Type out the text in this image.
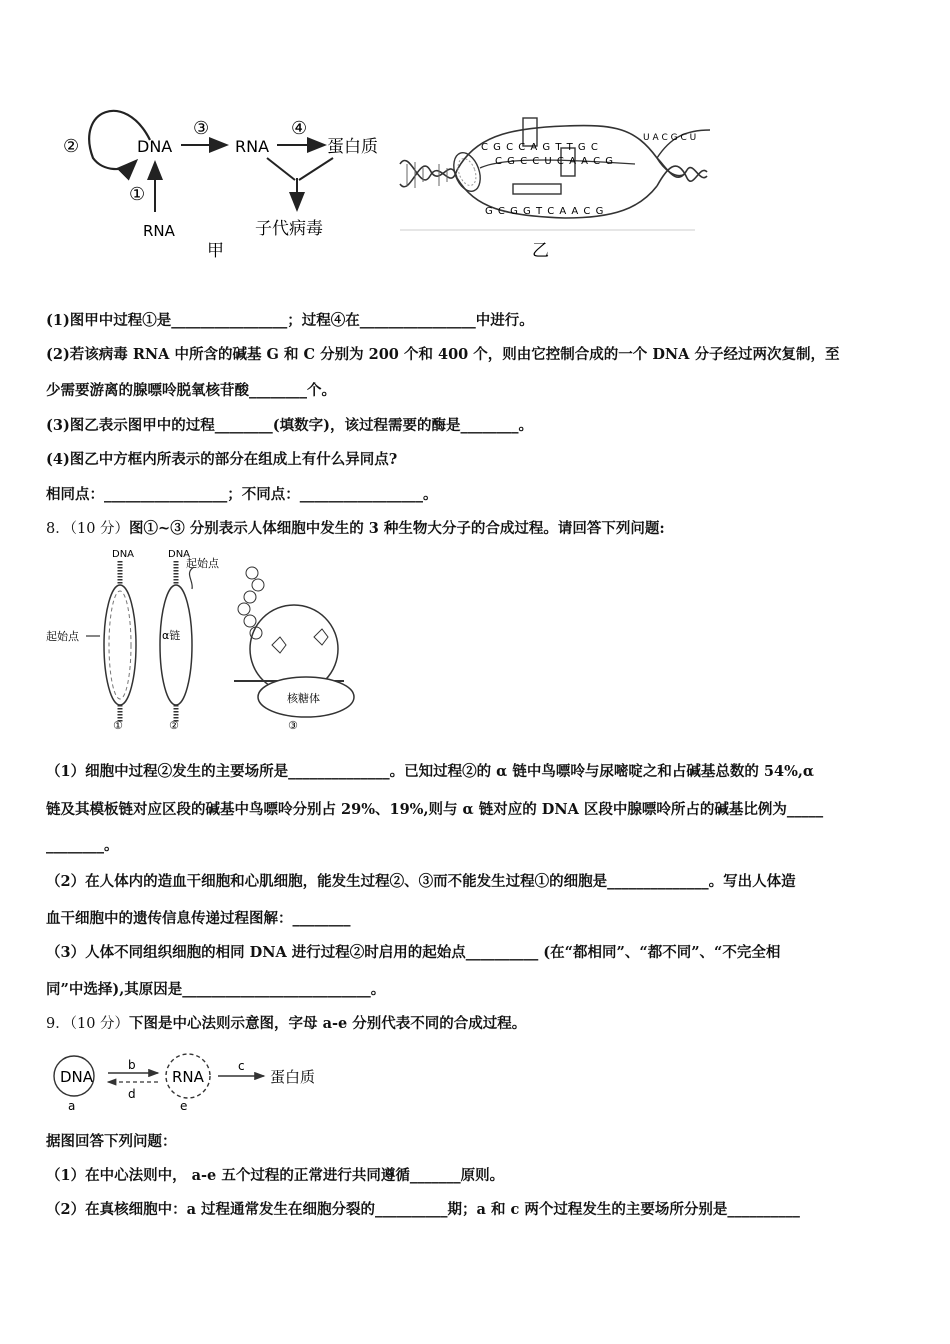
②	DNA
③
RNA
④
蛋白质
子代病毒
①
RNA
甲
C G C C A G T T G C
C G C C U C A A C G
G C G G T C A A C G
U A C G C U
乙
(1)图甲中过程①是________________；过程④在________________中进行。
(2)若该病毒 RNA 中所含的碱基 G 和 C 分别为 200 个和 400 个，则由它控制合成的一个 DNA 分子经过两次复制，至
少需要游离的腺嘌呤脱氧核苷酸________个。
(3)图乙表示图甲中的过程________(填数字)，该过程需要的酶是________。
(4)图乙中方框内所表示的部分在组成上有什么异同点?
相同点：_________________；不同点：_________________。
8．（10 分）图①~③ 分别表示人体细胞中发生的 3 种生物大分子的合成过程。请回答下列问题:
DNA
起始点
①
DNA
起始点
α链
②
核糖体
③
（1）细胞中过程②发生的主要场所是______________。已知过程②的 α 链中鸟嘌呤与尿嘧啶之和占碱基总数的 54%,α
链及其模板链对应区段的碱基中鸟嘌呤分别占 29%、19%,则与 α 链对应的 DNA 区段中腺嘌呤所占的碱基比例为_____
________。
（2）在人体内的造血干细胞和心肌细胞，能发生过程②、③而不能发生过程①的细胞是______________。写出人体造
血干细胞中的遗传信息传递过程图解：________
（3）人体不同组织细胞的相同 DNA 进行过程②时启用的起始点__________ (在“都相同”、“都不同”、“不完全相
同”中选择),其原因是__________________________。
9．（10 分）下图是中心法则示意图，字母 a-e 分别代表不同的合成过程。
DNA
a
b
d
RNA
e
c
蛋白质
据图回答下列问题：
（1）在中心法则中， a-e 五个过程的正常进行共同遵循_______原则。
（2）在真核细胞中：a 过程通常发生在细胞分裂的__________期；a 和 c 两个过程发生的主要场所分别是__________
